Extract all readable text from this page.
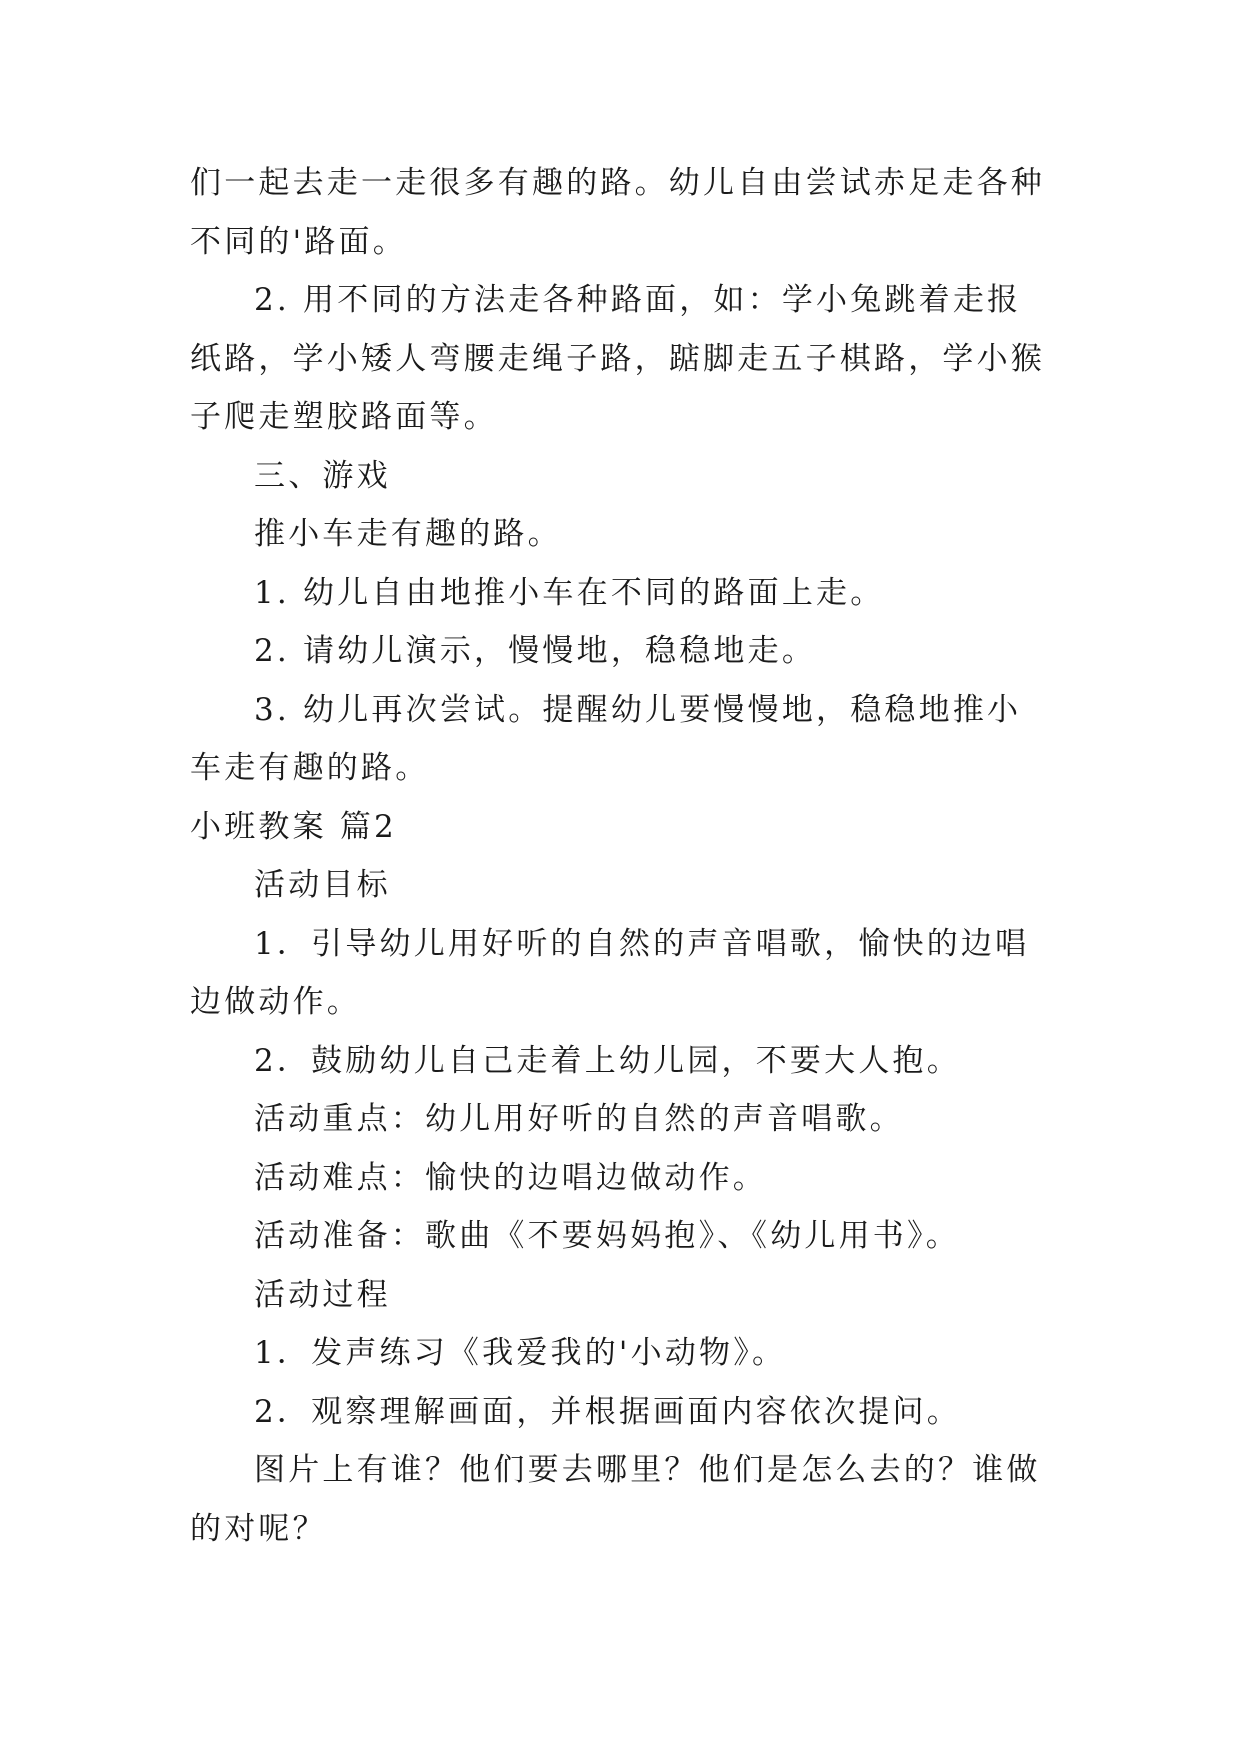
们一起去走一走很多有趣的路。幼儿自由尝试赤足走各种不同的'路面。

2. 用不同的方法走各种路面，如：学小兔跳着走报纸路，学小矮人弯腰走绳子路，踮脚走五子棋路，学小猴子爬走塑胶路面等。

三、游戏

推小车走有趣的路。

1. 幼儿自由地推小车在不同的路面上走。

2. 请幼儿演示，慢慢地，稳稳地走。

3. 幼儿再次尝试。提醒幼儿要慢慢地，稳稳地推小车走有趣的路。

小班教案 篇2

活动目标

1．引导幼儿用好听的自然的声音唱歌，愉快的边唱边做动作。

2．鼓励幼儿自己走着上幼儿园，不要大人抱。

活动重点：幼儿用好听的自然的声音唱歌。

活动难点：愉快的边唱边做动作。

活动准备：歌曲《不要妈妈抱》、《幼儿用书》。

活动过程

1．发声练习《我爱我的'小动物》。

2．观察理解画面，并根据画面内容依次提问。

图片上有谁？他们要去哪里？他们是怎么去的？谁做的对呢？
